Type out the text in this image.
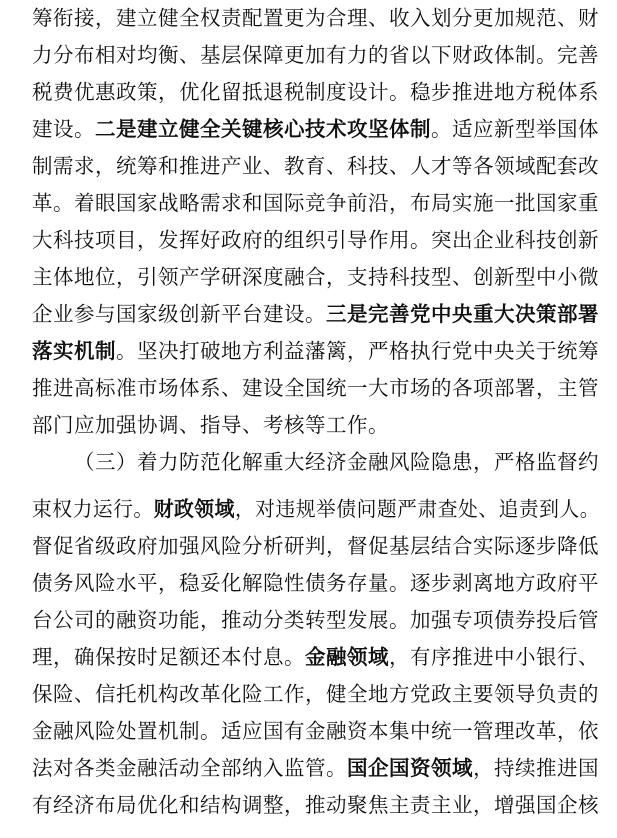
筹衔接，建立健全权责配置更为合理、收入划分更加规范、财
力分布相对均衡、基层保障更加有力的省以下财政体制。完善
税费优惠政策，优化留抵退税制度设计。稳步推进地方税体系
建设。二是建立健全关键核心技术攻坚体制。适应新型举国体
制需求，统筹和推进产业、教育、科技、人才等各领域配套改
革。着眼国家战略需求和国际竞争前沿，布局实施一批国家重
大科技项目，发挥好政府的组织引导作用。突出企业科技创新
主体地位，引领产学研深度融合，支持科技型、创新型中小微
企业参与国家级创新平台建设。三是完善党中央重大决策部署
落实机制。坚决打破地方利益藩篱，严格执行党中央关于统筹
推进高标准市场体系、建设全国统一大市场的各项部署，主管
部门应加强协调、指导、考核等工作。
（三）着力防范化解重大经济金融风险隐患，严格监督约
束权力运行。财政领域，对违规举债问题严肃查处、追责到人。
督促省级政府加强风险分析研判，督促基层结合实际逐步降低
债务风险水平，稳妥化解隐性债务存量。逐步剥离地方政府平
台公司的融资功能，推动分类转型发展。加强专项债券投后管
理，确保按时足额还本付息。金融领域，有序推进中小银行、
保险、信托机构改革化险工作，健全地方党政主要领导负责的
金融风险处置机制。适应国有金融资本集中统一管理改革，依
法对各类金融活动全部纳入监管。国企国资领域，持续推进国
有经济布局优化和结构调整，推动聚焦主责主业，增强国企核
